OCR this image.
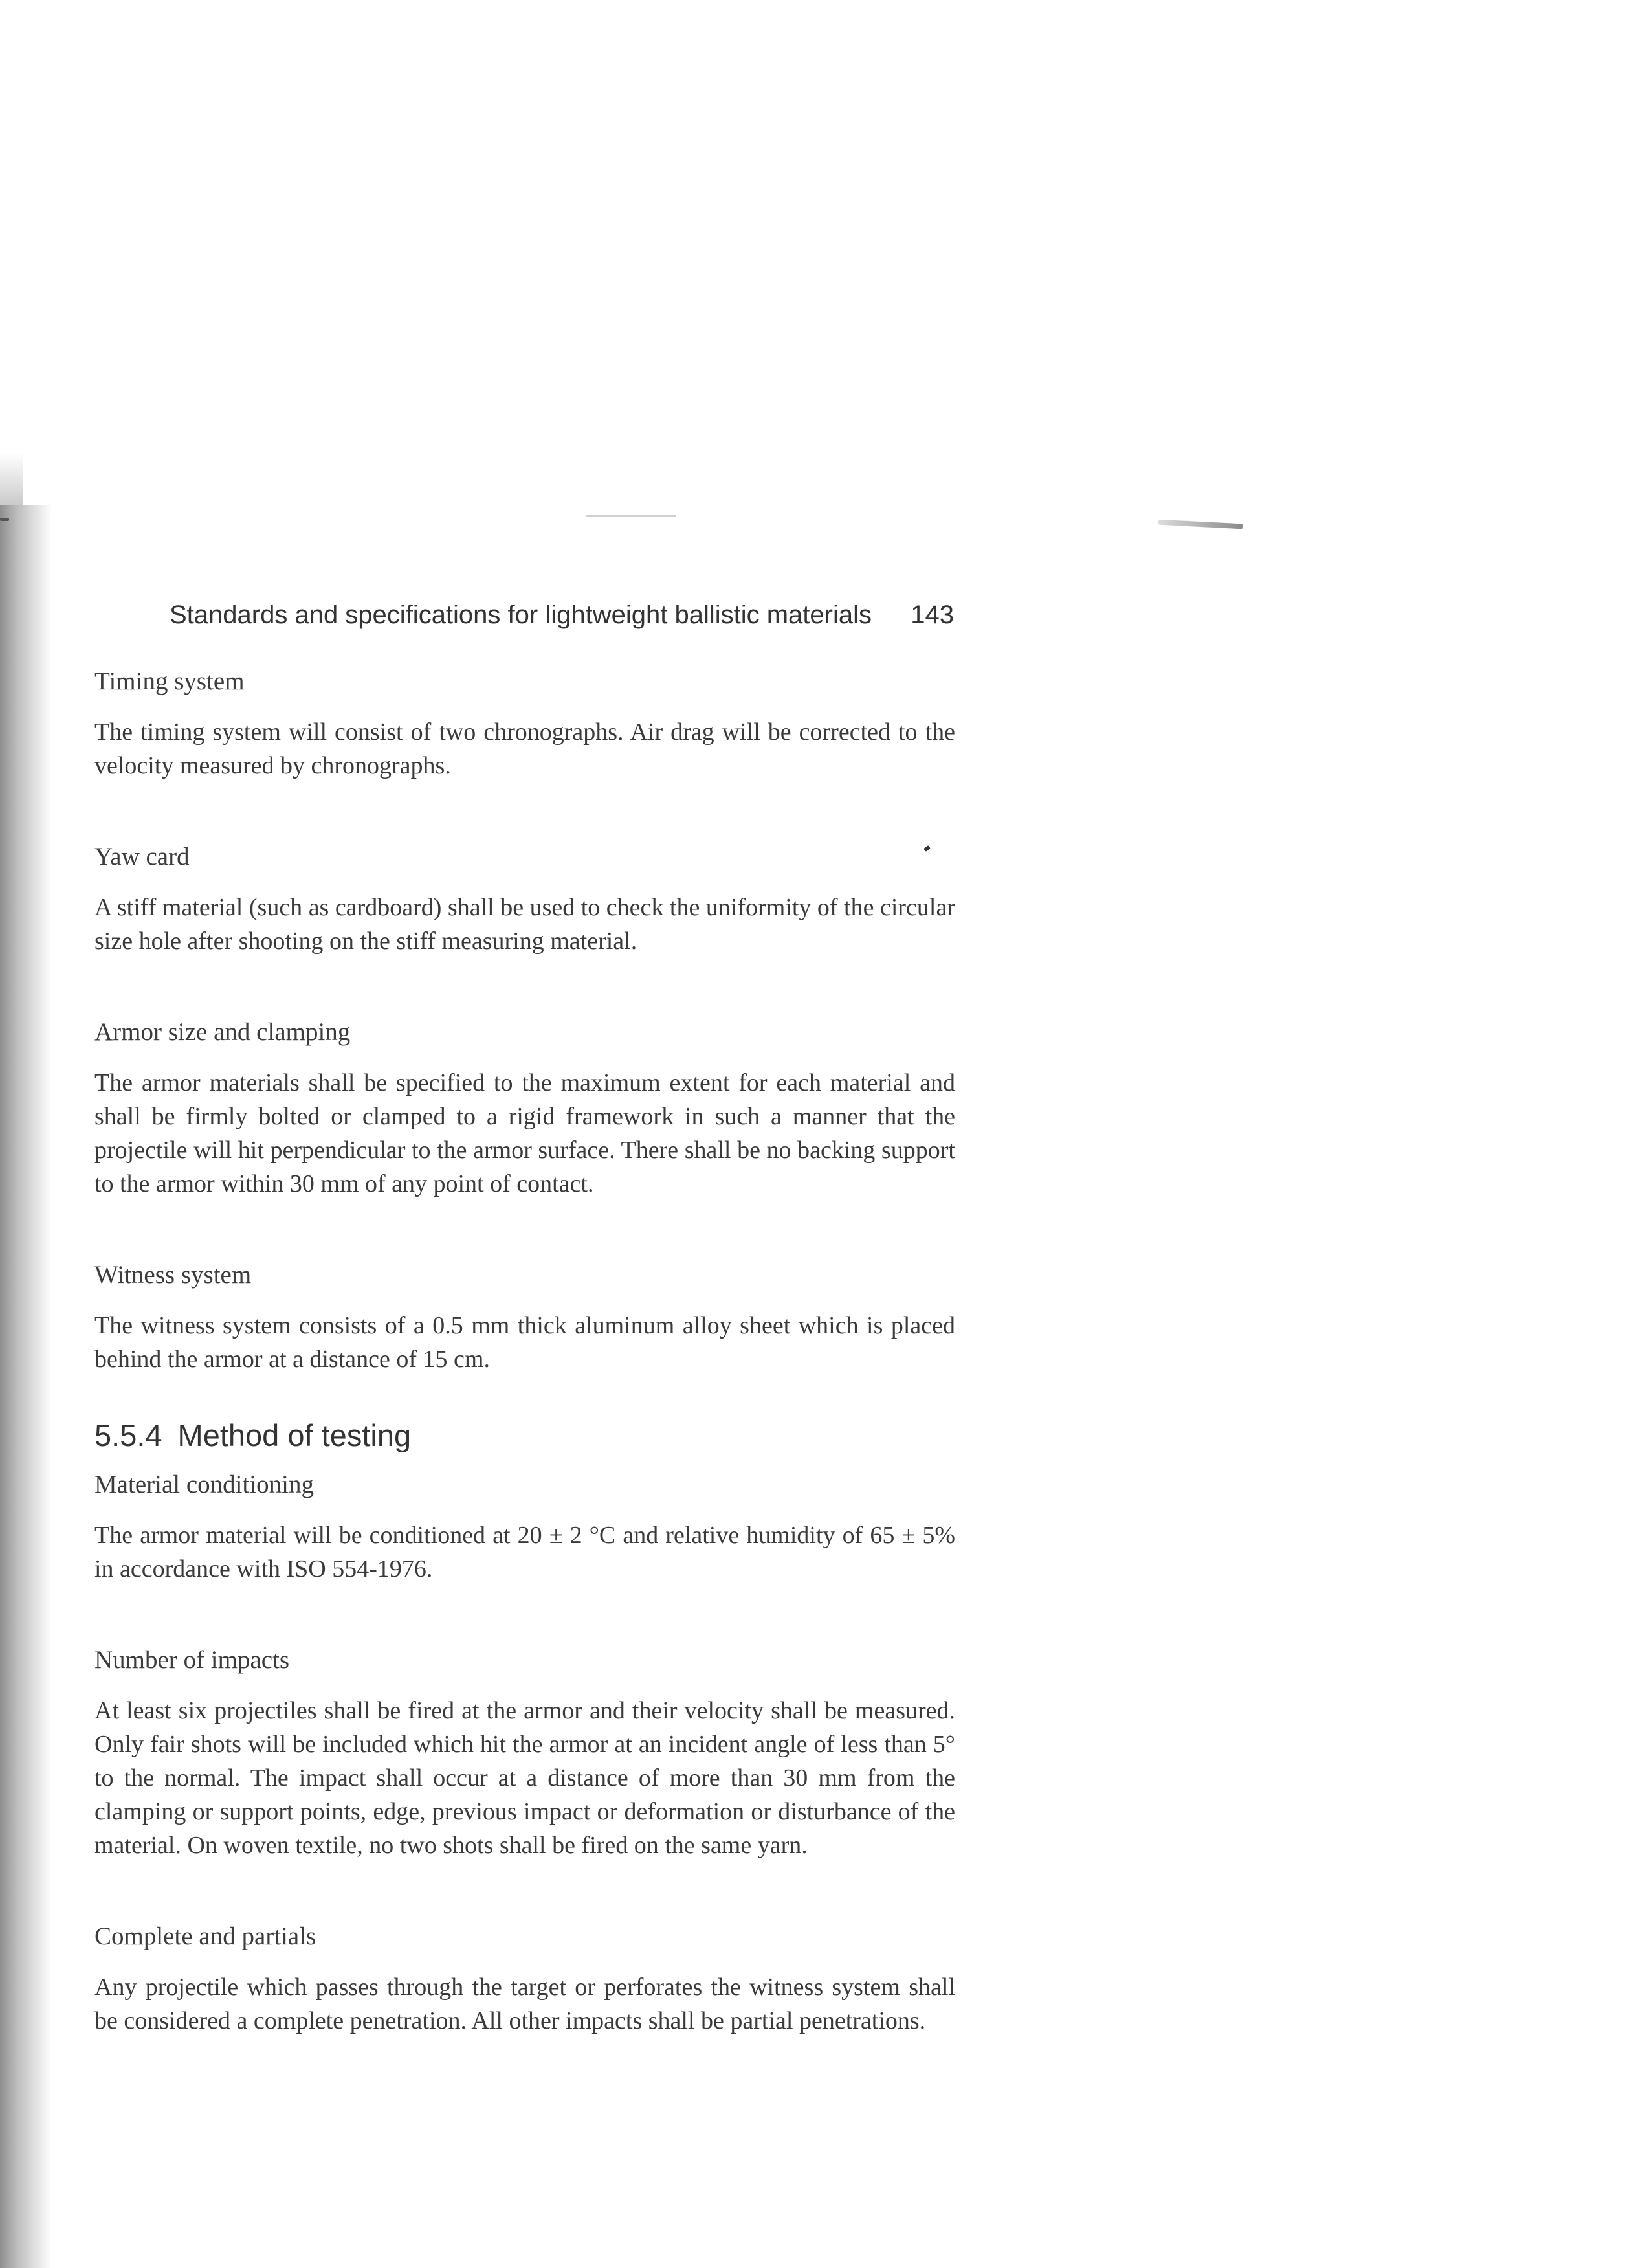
Standards and specifications for lightweight ballistic materials 143
Timing system

The timing system will consist of two chronographs. Air drag will be corrected to the velocity measured by chronographs.

Yaw card

A stiff material (such as cardboard) shall be used to check the uniformity of the circular size hole after shooting on the stiff measuring material.

Armor size and clamping

The armor materials shall be specified to the maximum extent for each material and shall be firmly bolted or clamped to a rigid framework in such a manner that the projectile will hit perpendicular to the armor surface. There shall be no backing support to the armor within 30 mm of any point of contact.

Witness system

The witness system consists of a 0.5 mm thick aluminum alloy sheet which is placed behind the armor at a distance of 15 cm.

5.5.4 Method of testing
Material conditioning

The armor material will be conditioned at 20 ± 2 °C and relative humidity of 65 ± 5% in accordance with ISO 554-1976.

Number of impacts

At least six projectiles shall be fired at the armor and their velocity shall be measured. Only fair shots will be included which hit the armor at an incident angle of less than 5° to the normal. The impact shall occur at a distance of more than 30 mm from the clamping or support points, edge, previous impact or deformation or disturbance of the material. On woven textile, no two shots shall be fired on the same yarn.

Complete and partials

Any projectile which passes through the target or perforates the witness system shall be considered a complete penetration. All other impacts shall be partial penetrations.
